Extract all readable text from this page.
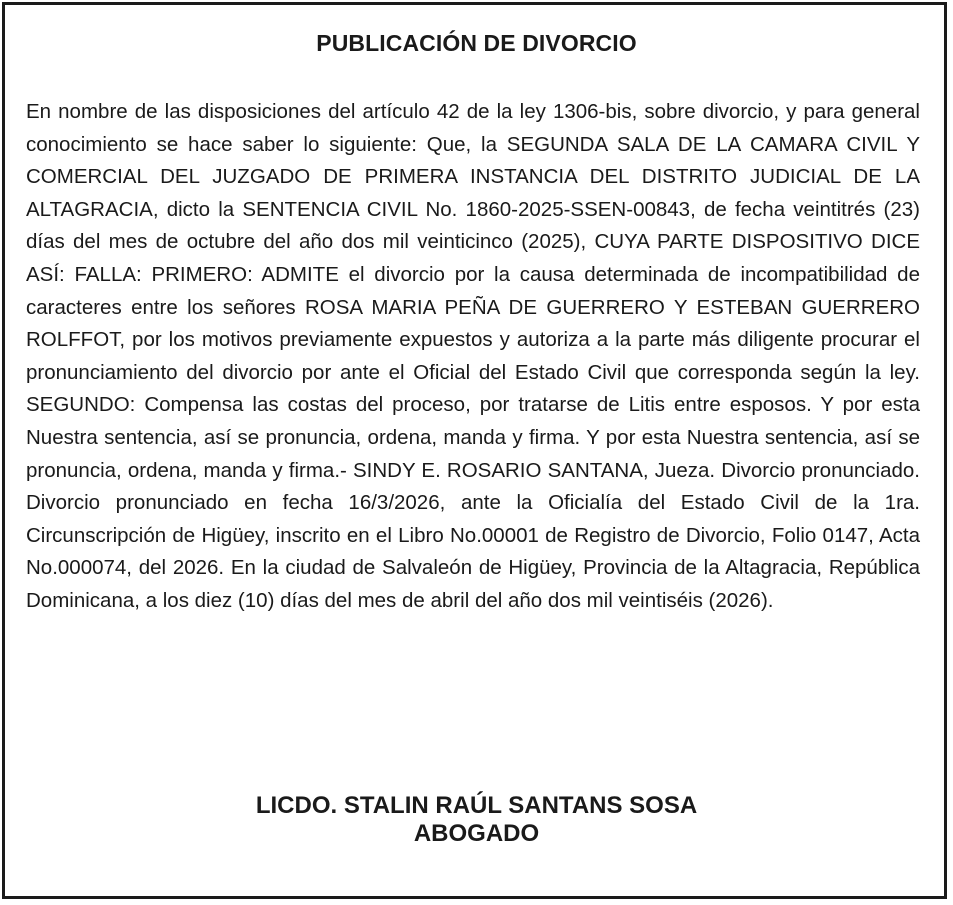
PUBLICACIÓN DE DIVORCIO

En nombre de las disposiciones del artículo 42 de la ley 1306-bis, sobre divorcio, y para general conocimiento se hace saber lo siguiente: Que, la SEGUNDA SALA DE LA CAMARA CIVIL Y COMERCIAL DEL JUZGADO DE PRIMERA INSTANCIA DEL DISTRITO JUDICIAL DE LA ALTAGRACIA, dicto la SENTENCIA CIVIL No. 1860-2025-SSEN-00843, de fecha veintitrés (23) días del mes de octubre del año dos mil veinticinco (2025), CUYA PARTE DISPOSITIVO DICE ASÍ: FALLA: PRIMERO: ADMITE el divorcio por la causa determinada de incompatibilidad de caracteres entre los señores ROSA MARIA PEÑA DE GUERRERO Y ESTEBAN GUERRERO ROLFFOT, por los motivos previamente expuestos y autoriza a la parte más diligente procurar el pronunciamiento del divorcio por ante el Oficial del Estado Civil que corresponda según la ley. SEGUNDO: Compensa las costas del proceso, por tratarse de Litis entre esposos. Y por esta Nuestra sentencia, así se pronuncia, ordena, manda y firma. Y por esta Nuestra sentencia, así se pronuncia, ordena, manda y firma.- SINDY E. ROSARIO SANTANA, Jueza. Divorcio pronunciado. Divorcio pronunciado en fecha 16/3/2026, ante la Oficialía del Estado Civil de la 1ra. Circunscripción de Higüey, inscrito en el Libro No.00001 de Registro de Divorcio, Folio 0147, Acta No.000074, del 2026. En la ciudad de Salvaleón de Higüey, Provincia de la Altagracia, República Dominicana, a los diez (10) días del mes de abril del año dos mil veintiséis (2026).

LICDO. STALIN RAÚL SANTANS SOSA
ABOGADO
